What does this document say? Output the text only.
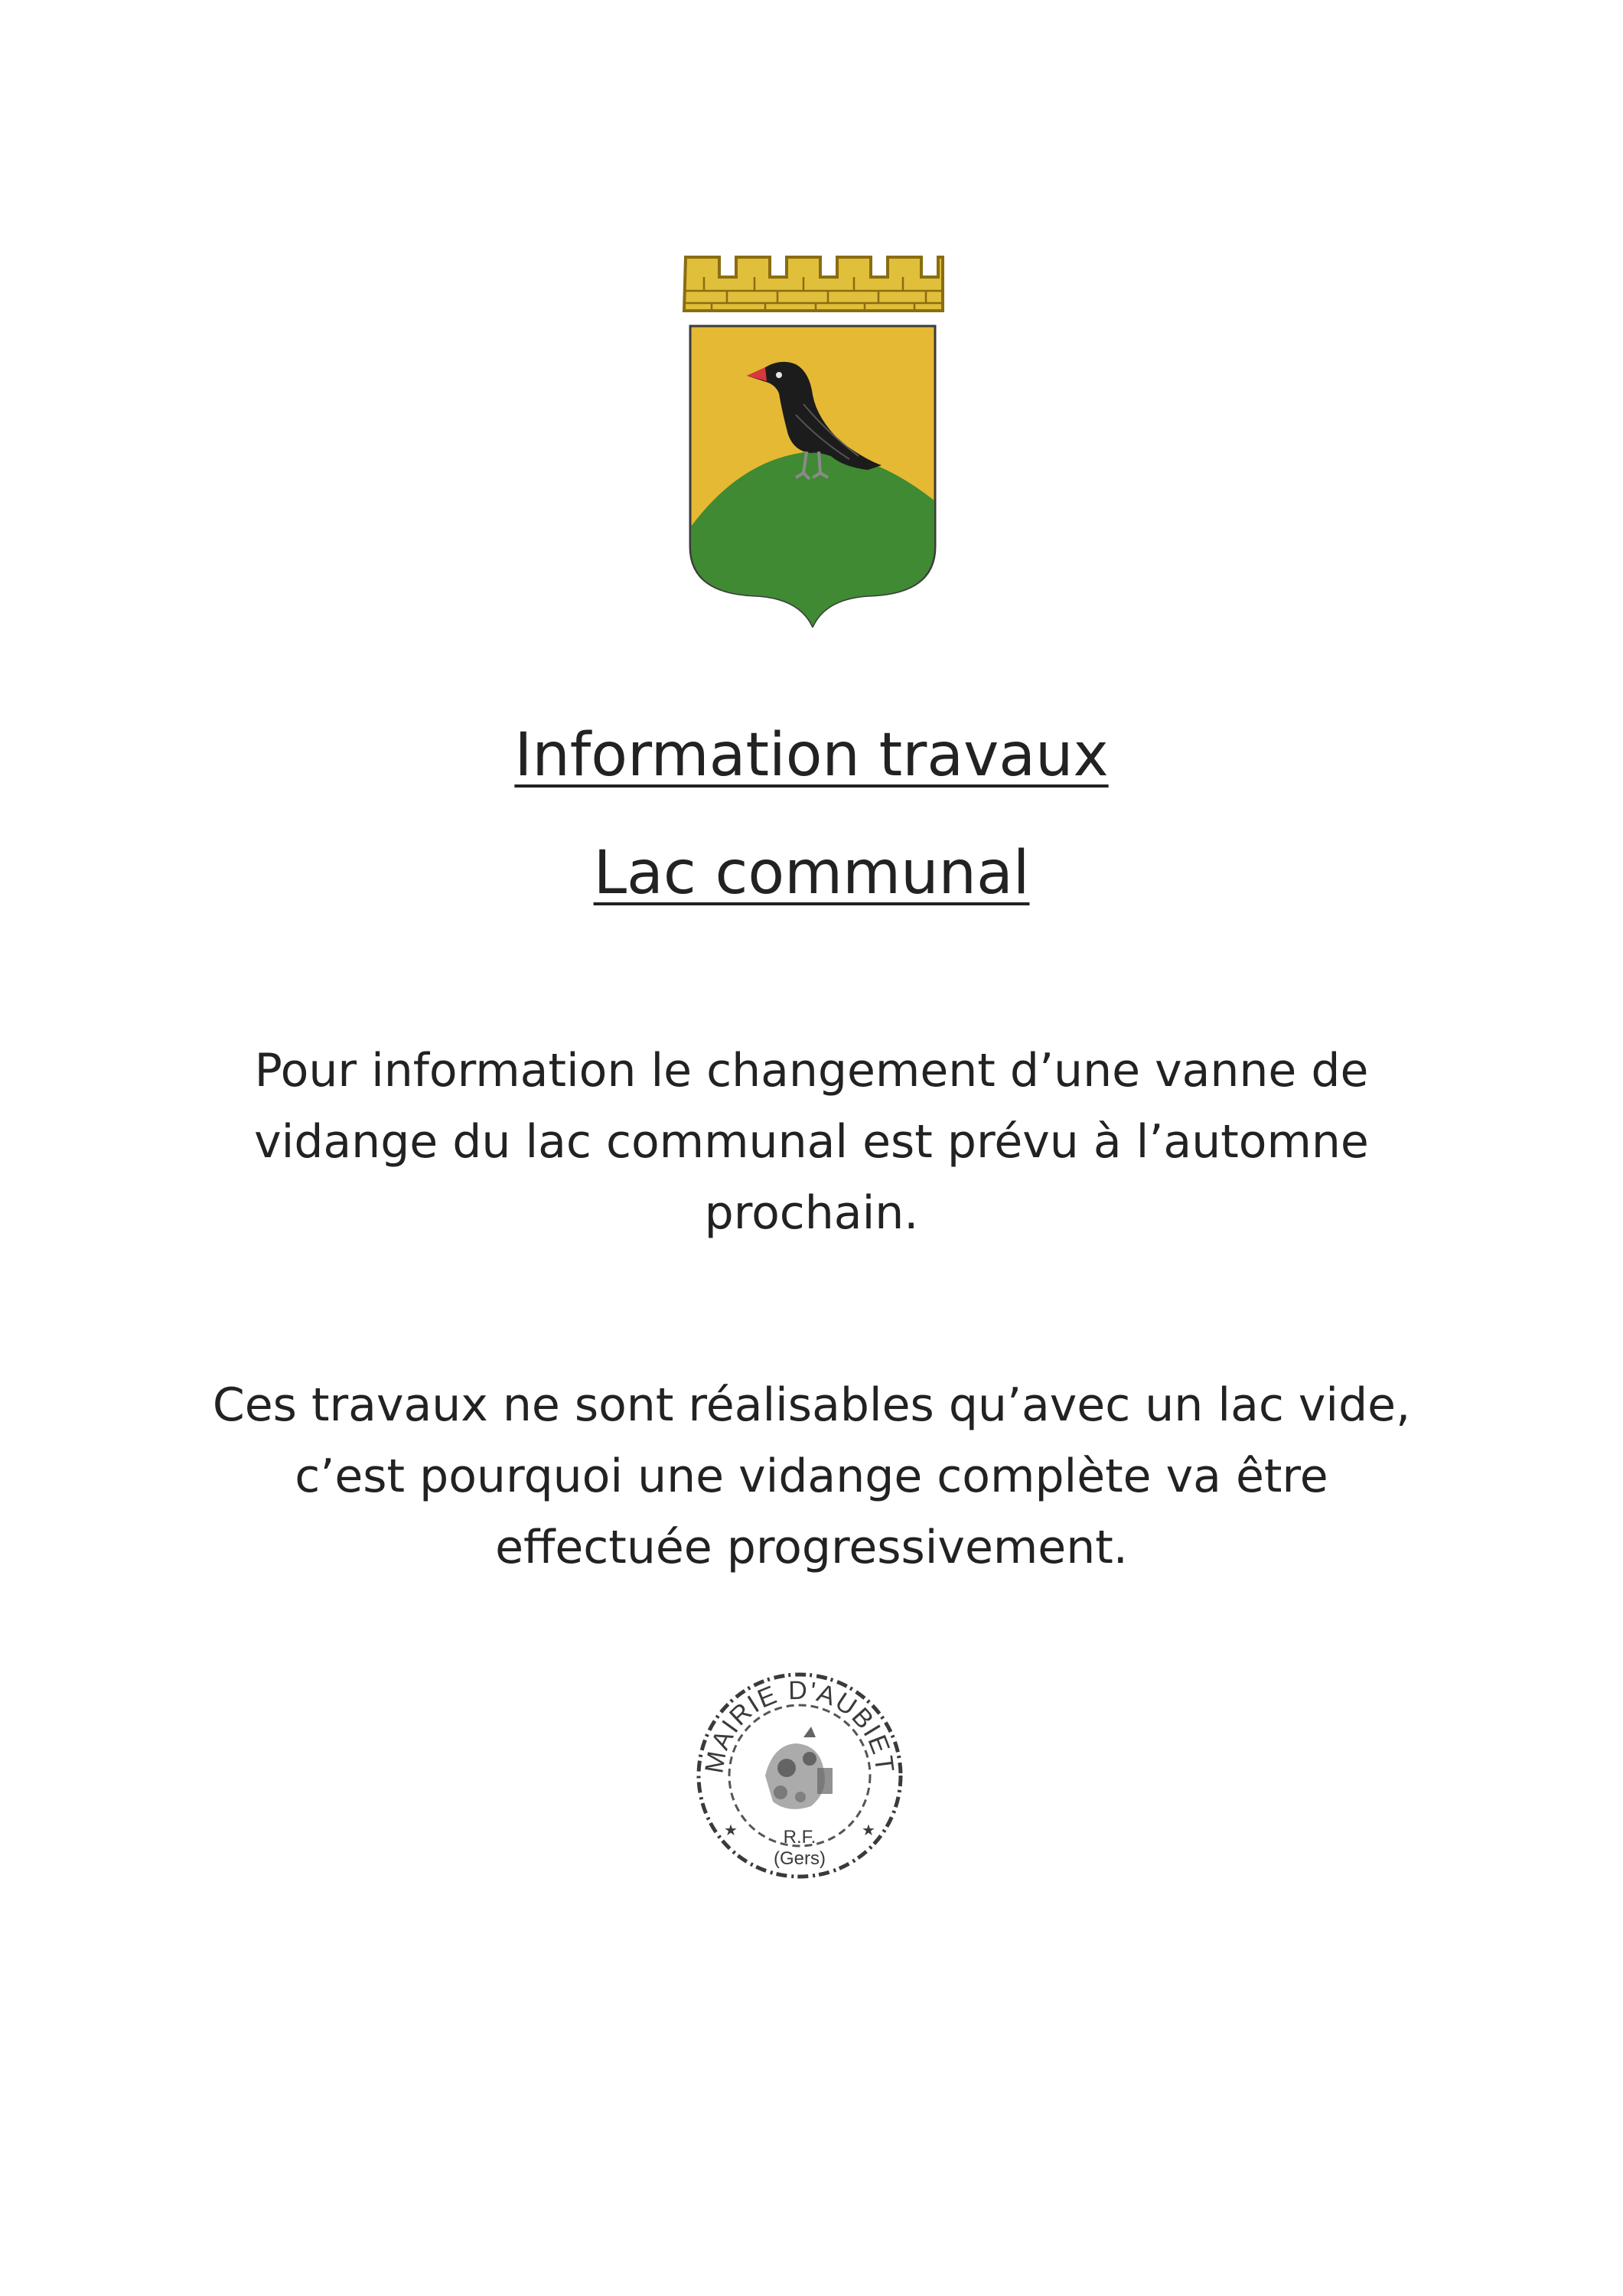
Information travaux
Lac communal

Pour information le changement d’une vanne de
vidange du lac communal est prévu à l’automne
prochain.

Ces travaux ne sont réalisables qu’avec un lac vide,
c’est pourquoi une vidange complète va être
effectuée progressivement.

MAIRIE D'AUBIET
★	★
R.F.
(Gers)
